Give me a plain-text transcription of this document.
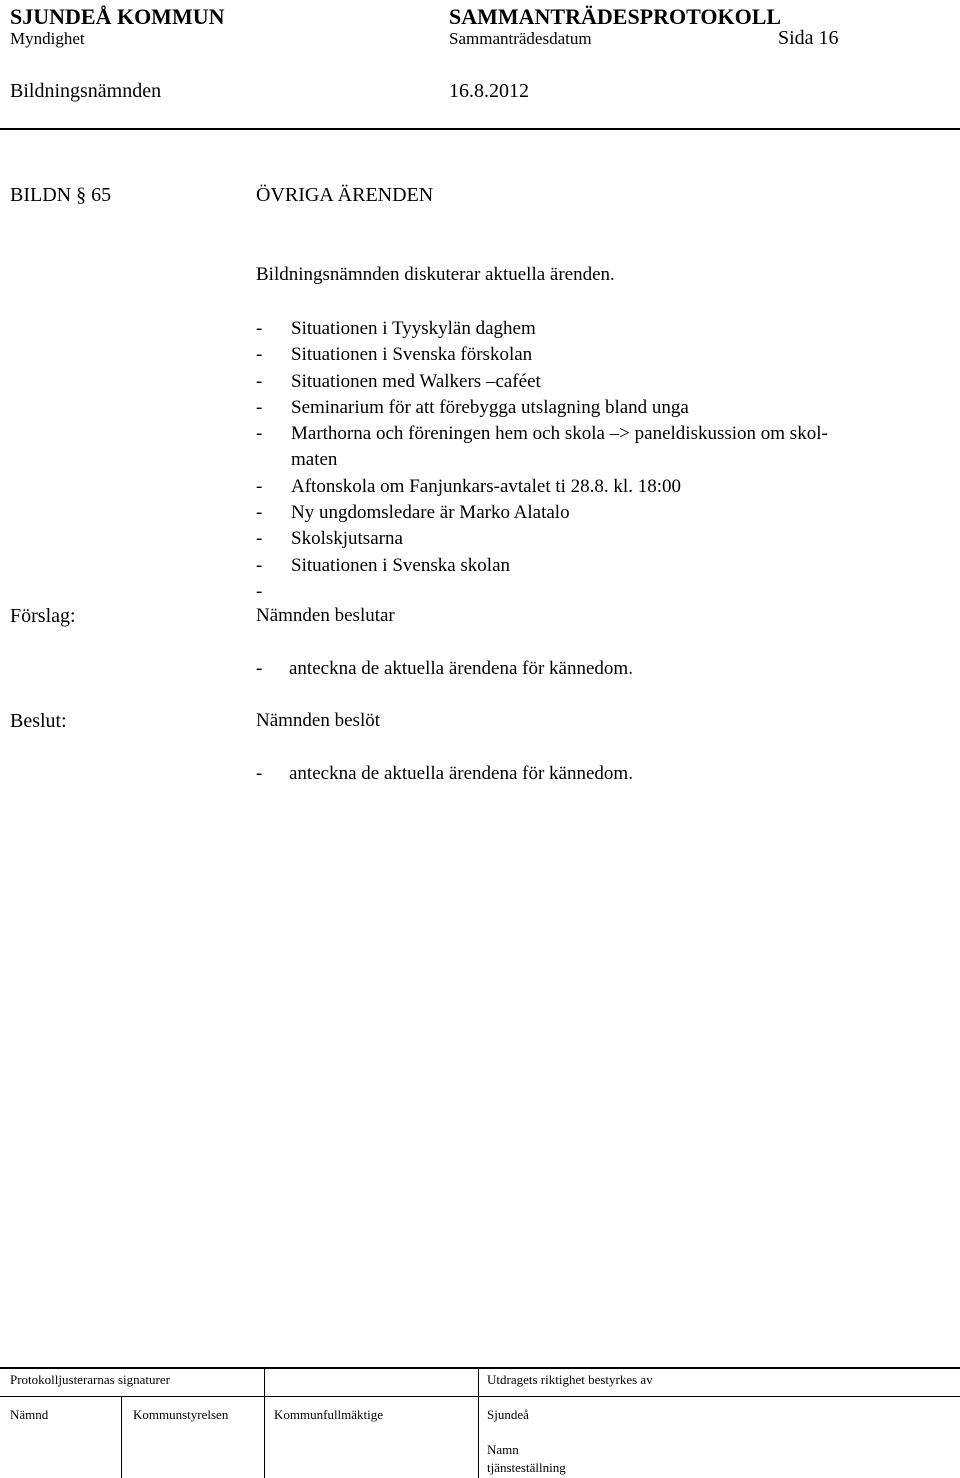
SJUNDEÅ KOMMUN	SAMMANTRÄDESPROTOKOLL
Myndighet	Sammanträdesdatum	Sida 16
Bildningsnämnden	16.8.2012
BILDN § 65	ÖVRIGA ÄRENDEN
Bildningsnämnden diskuterar aktuella ärenden.
- Situationen i Tyyskylän daghem
- Situationen i Svenska förskolan
- Situationen med Walkers –caféet
- Seminarium för att förebygga utslagning bland unga
- Marthorna och föreningen hem och skola –> paneldiskussion om skol-
maten
- Aftonskola om Fanjunkars-avtalet ti 28.8. kl. 18:00
- Ny ungdomsledare är Marko Alatalo
- Skolskjutsarna
- Situationen i Svenska skolan
-
Förslag:	Nämnden beslutar
- anteckna de aktuella ärendena för kännedom.
Beslut:	Nämnden beslöt
- anteckna de aktuella ärendena för kännedom.
Protokolljusterarnas signaturer	Utdragets riktighet bestyrkes av
Nämnd	Kommunstyrelsen	Kommunfullmäktige	Sjundeå
Namn
tjänsteställning
